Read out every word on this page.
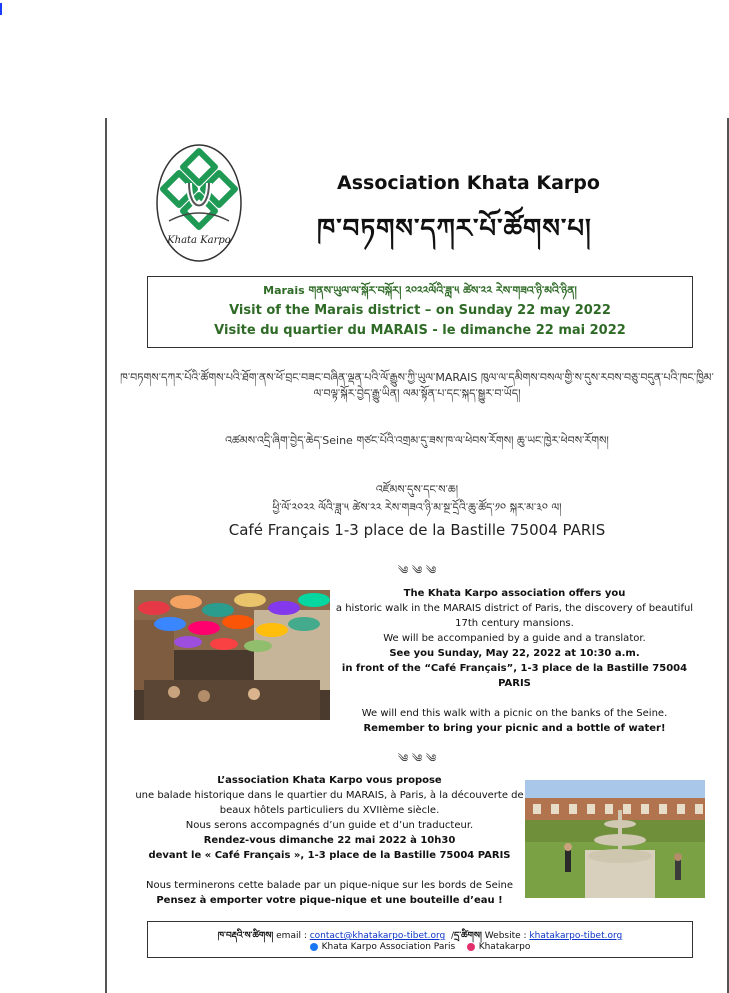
Khata Karpo
Association Khata Karpo
ཁ་བཏགས་དཀར་པོ་ཚོགས་པ།
Marais གནས་ཡུལ་ལ་སྐོར་བསྐོར། ༢༠༢༢ལོའི་ཟླ་༥ ཚེས་༢༢ རེས་གཟའ་ཉི་མའི་ཉིན།
Visit of the Marais district – on Sunday 22 may 2022
Visite du quartier du MARAIS - le dimanche 22 mai 2022
ཁ་བཏགས་དཀར་པོའི་ཚོགས་པའི་ཐོག་ནས་ཕོ་བྲང་བཟང་བཞིན་ལྡན་པའི་ལོ་རྒྱུས་ཀྱི་ཡུལ་MARAIS ཁུལ་ལ་དམིགས་བསལ་གྱི་ས་དུས་རབས་བཅུ་བདུན་པའི་ཁང་ཁྱིམ་ལ་བལྟ་སྐོར་བྱེད་རྒྱུ་ཡིན། ལམ་སྟོན་པ་དང་སྐད་སྒྱུར་བ་ཡོད།
འཚམས་འདྲི་ཞིག་བྱེད་ཆེད་Seine གཙང་པོའི་འགྲམ་དུ་ཟས་ཁ་ལ་ཕེབས་རོགས། ཆུ་ཡང་ཁྱེར་ཕེབས་རོགས།
འཛོམས་དུས་དང་ས་ཆ།
ཕྱི་ལོ་༢༠༢༢ ལོའི་ཟླ་༥ ཚེས་༢༢ རེས་གཟའ་ཉི་མ་སྔ་དྲོའི་ཆུ་ཚོད་༡༠ སྐར་མ་༣༠ ལ།
Café Français 1-3 place de la Bastille 75004 PARIS
༄ ༄ ༄
The Khata Karpo association offers you
a historic walk in the MARAIS district of Paris, the discovery of beautiful
17th century mansions.
We will be accompanied by a guide and a translator.
See you Sunday, May 22, 2022 at 10:30 a.m.
in front of the “Café Français”, 1-3 place de la Bastille 75004 PARIS
We will end this walk with a picnic on the banks of the Seine.
Remember to bring your picnic and a bottle of water!
༄ ༄ ༄
L’association Khata Karpo vous propose
une balade historique dans le quartier du MARAIS, à Paris, à la découverte de
beaux hôtels particuliers du XVIIème siècle.
Nous serons accompagnés d’un guide et d’un traducteur.
Rendez-vous dimanche 22 mai 2022 à 10h30
devant le « Café Français », 1-3 place de la Bastille 75004 PARIS
Nous terminerons cette balade par un pique-nique sur les bords de Seine
Pensez à emporter votre pique-nique et une bouteille d’eau !
ཁ་བརྡའི་ས་ཚིགས། email : contact@khatakarpo-tibet.org  /དྲ་ཚིགས། Website : khatakarpo-tibet.org
Khata Karpo Association Paris	Khatakarpo
